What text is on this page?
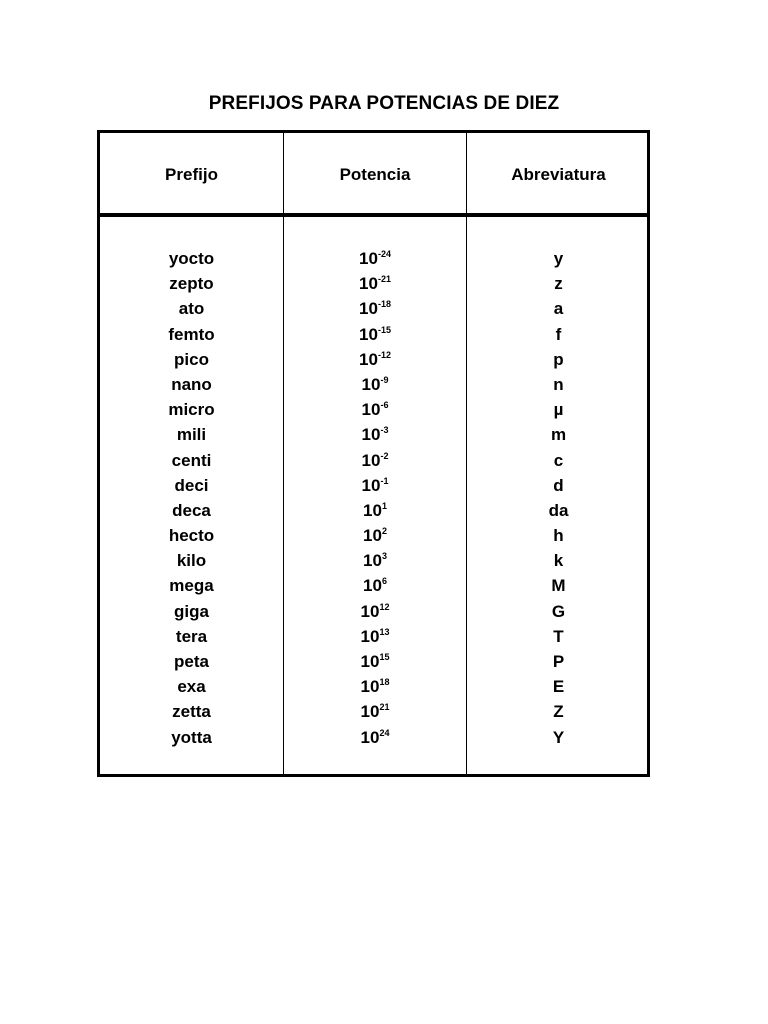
PREFIJOS PARA POTENCIAS DE DIEZ
Prefijo	Potencia	Abreviatura
yocto
zepto
ato
femto
pico
nano
micro
mili
centi
deci
deca
hecto
kilo
mega
giga
tera
peta
exa
zetta
yotta
$10^{-24}$
$10^{-21}$
$10^{-18}$
$10^{-15}$
$10^{-12}$
$10^{-9}$
$10^{-6}$
$10^{-3}$
$10^{-2}$
$10^{-1}$
$10^1$
$10^2$
$10^3$
$10^6$
$10^{12}$
$10^{13}$
$10^{15}$
$10^{18}$
$10^{21}$
$10^{24}$
y
z
a
f
p
n
µ
m
c
d
da
h
k
M
G
T
P
E
Z
Y
